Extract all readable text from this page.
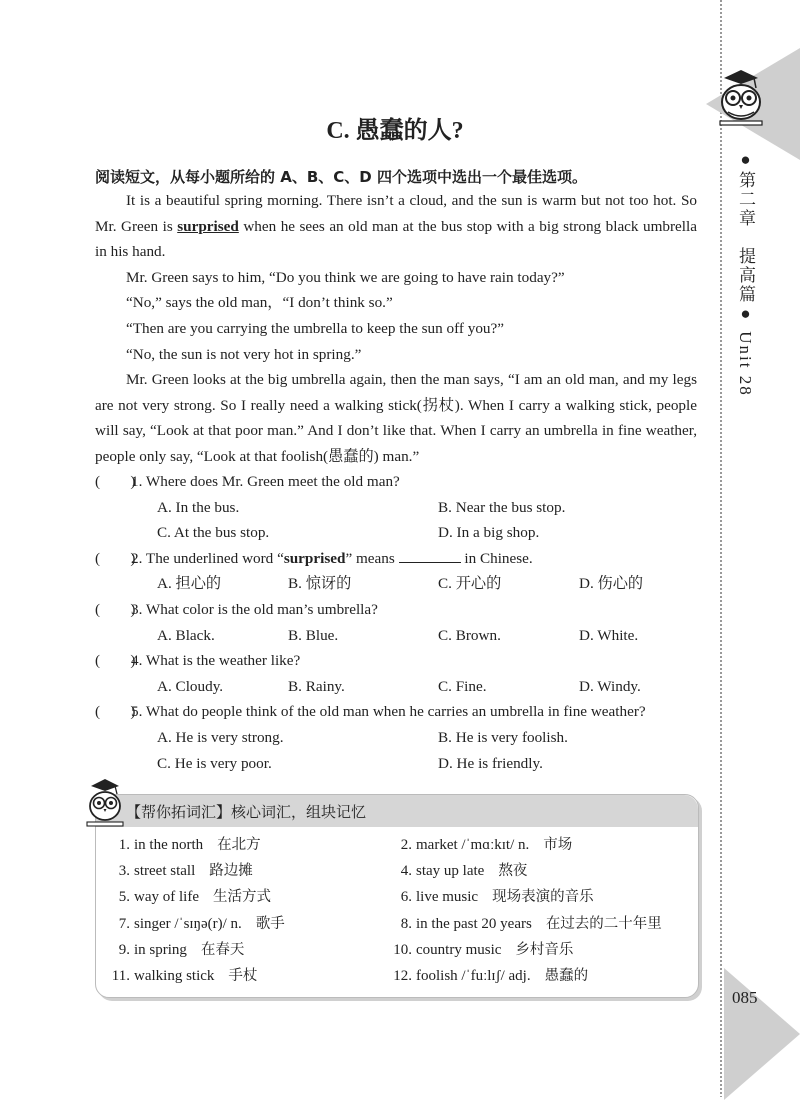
●第二章　提高篇● Unit 28
085
C. 愚蠢的人?
阅读短文，从每小题所给的 A、B、C、D 四个选项中选出一个最佳选项。

It is a beautiful spring morning. There isn’t a cloud, and the sun is warm but not too hot. So Mr. Green is surprised when he sees an old man at the bus stop with a big strong black umbrella in his hand.

Mr. Green says to him, “Do you think we are going to have rain today?”

“No,” says the old man，“I don’t think so.”

“Then are you carrying the umbrella to keep the sun off you?”

“No, the sun is not very hot in spring.”

Mr. Green looks at the big umbrella again, then the man says, “I am an old man, and my legs are not very strong. So I really need a walking stick(拐杖). When I carry a walking stick, people will say, “Look at that poor man.” And I don’t like that. When I carry an umbrella in fine weather, people only say, “Look at that foolish(愚蠢的) man.”

(　　)
1. Where does Mr. Green meet the old man?
A. In the bus.	B. Near the bus stop.
C. At the bus stop.	D. In a big shop.
(　　)
2. The underlined word “surprised” means	in Chinese.
A. 担心的	B. 惊讶的	C. 开心的	D. 伤心的
(　　)
3. What color is the old man’s umbrella?
A. Black.	B. Blue.	C. Brown.	D. White.
(　　)
4. What is the weather like?
A. Cloudy.	B. Rainy.	C. Fine.	D. Windy.
(　　)
5. What do people think of the old man when he carries an umbrella in fine weather?
A. He is very strong.	B. He is very foolish.
C. He is very poor.	D. He is friendly.
【帮你拓词汇】核心词汇，组块记忆
1. in the north 在北方	2. market /ˈmɑːkɪt/ n. 市场
3. street stall 路边摊	4. stay up late 熬夜
5. way of life 生活方式	6. live music 现场表演的音乐
7. singer /ˈsɪŋə(r)/ n. 歌手	8. in the past 20 years 在过去的二十年里
9. in spring 在春天	10. country music 乡村音乐
11. walking stick 手杖	12. foolish /ˈfuːlɪʃ/ adj. 愚蠢的
